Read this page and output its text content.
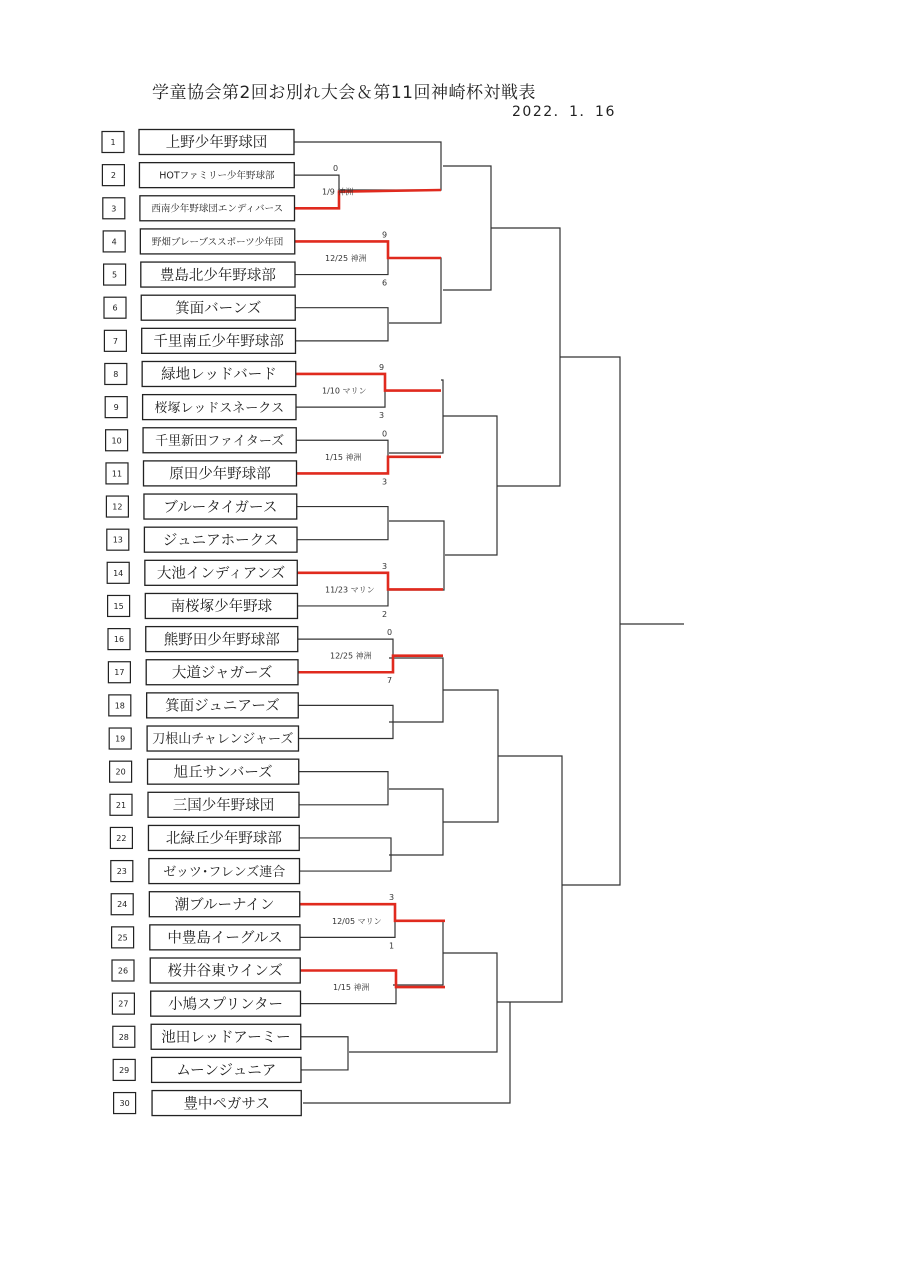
学童協会第2回お別れ大会＆第11回神崎杯対戦表
2022．1．16
1	上野少年野球団
2	HOTファミリー少年野球部
3	西南少年野球団エンディバース
4	野畑ブレーブススポーツ少年団
5	豊島北少年野球部
6	箕面バーンズ
7 千里南丘少年野球部
8	緑地レッドバード
9	桜塚レッドスネークス
10	千里新田ファイターズ
11	原田少年野球部
12	ブルータイガース
13	ジュニアホークス
14 大池インディアンズ
15	南桜塚少年野球
16	熊野田少年野球部
17	大道ジャガーズ
18	箕面ジュニアーズ
19 刀根山チャレンジャーズ
20	旭丘サンバーズ
21	三国少年野球団
22	北緑丘少年野球部
23	ゼッツ･フレンズ連合
24	潮ブルーナイン
25	中豊島イーグルス
26	桜井谷東ウインズ
27	小鳩スプリンター
28 池田レッドアーミー
29	ムーンジュニア
30	豊中ペガサス
1/9 神洲
0
12/25 神洲
9
6
1/10 マリン
9
3
1/15 神洲
0
3
11/23 マリン
3
2
12/25 神洲
0
7
12/05 マリン
3
1
1/15 神洲
